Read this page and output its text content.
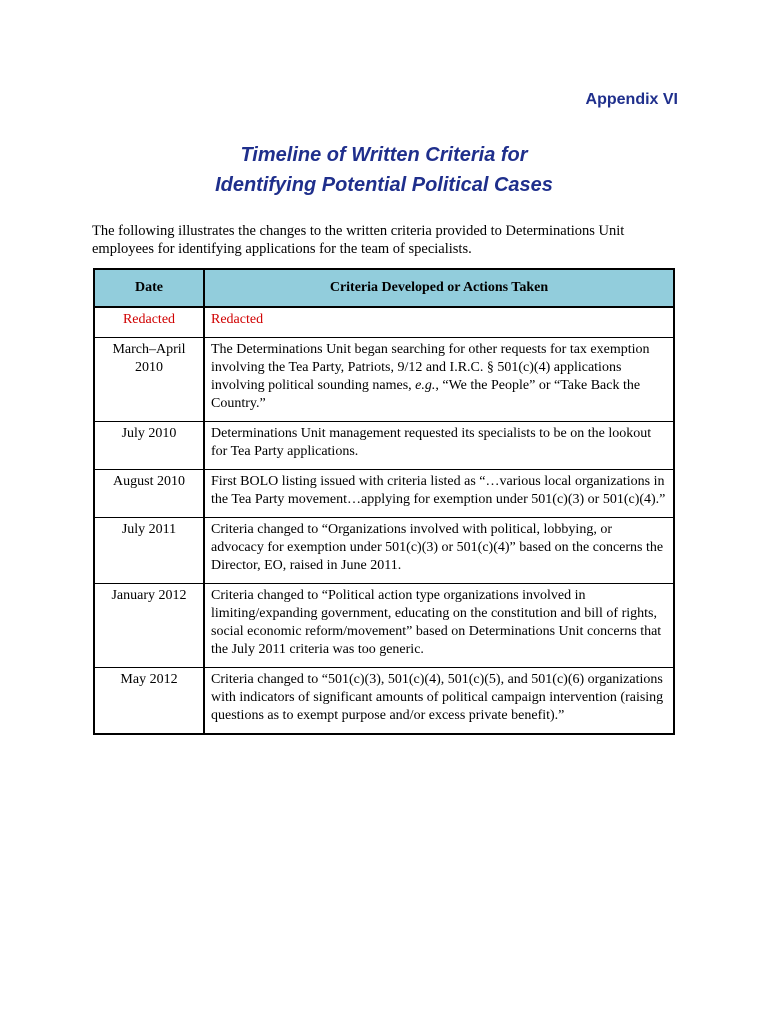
Appendix VI
Timeline of Written Criteria for
Identifying Potential Political Cases
The following illustrates the changes to the written criteria provided to Determinations Unit employees for identifying applications for the team of specialists.
Date	Criteria Developed or Actions Taken
Redacted	Redacted
March–April 2010	The Determinations Unit began searching for other requests for tax exemption involving the Tea Party, Patriots, 9/12 and I.R.C. § 501(c)(4) applications involving political sounding names, e.g., “We the People” or “Take Back the Country.”
July 2010	Determinations Unit management requested its specialists to be on the lookout for Tea Party applications.
August 2010	First BOLO listing issued with criteria listed as “…various local organizations in the Tea Party movement…applying for exemption under 501(c)(3) or 501(c)(4).”
July 2011	Criteria changed to “Organizations involved with political, lobbying, or advocacy for exemption under 501(c)(3) or 501(c)(4)” based on the concerns the Director, EO, raised in June 2011.
January 2012	Criteria changed to “Political action type organizations involved in limiting/expanding government, educating on the constitution and bill of rights, social economic reform/movement” based on Determinations Unit concerns that the July 2011 criteria was too generic.
May 2012	Criteria changed to “501(c)(3), 501(c)(4), 501(c)(5), and 501(c)(6) organizations with indicators of significant amounts of political campaign intervention (raising questions as to exempt purpose and/or excess private benefit).”
